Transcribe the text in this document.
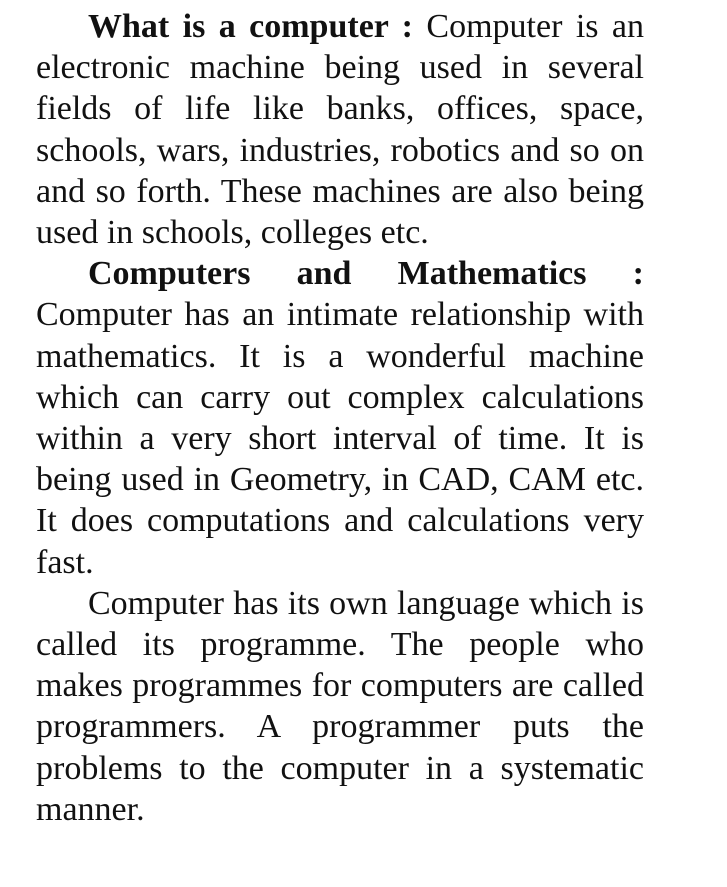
What is a computer : Computer is an electronic machine being used in several fields of life like banks, offices, space, schools, wars, industries, robotics and so on and so forth. These machines are also being used in schools, colleges etc.

Computers and Mathematics : Computer has an intimate relationship with mathematics. It is a wonderful machine which can carry out complex calculations within a very short interval of time. It is being used in Geometry, in CAD, CAM etc. It does computations and calculations very fast.

Computer has its own language which is called its programme. The people who makes programmes for computers are called programmers. A programmer puts the problems to the computer in a systematic manner.
